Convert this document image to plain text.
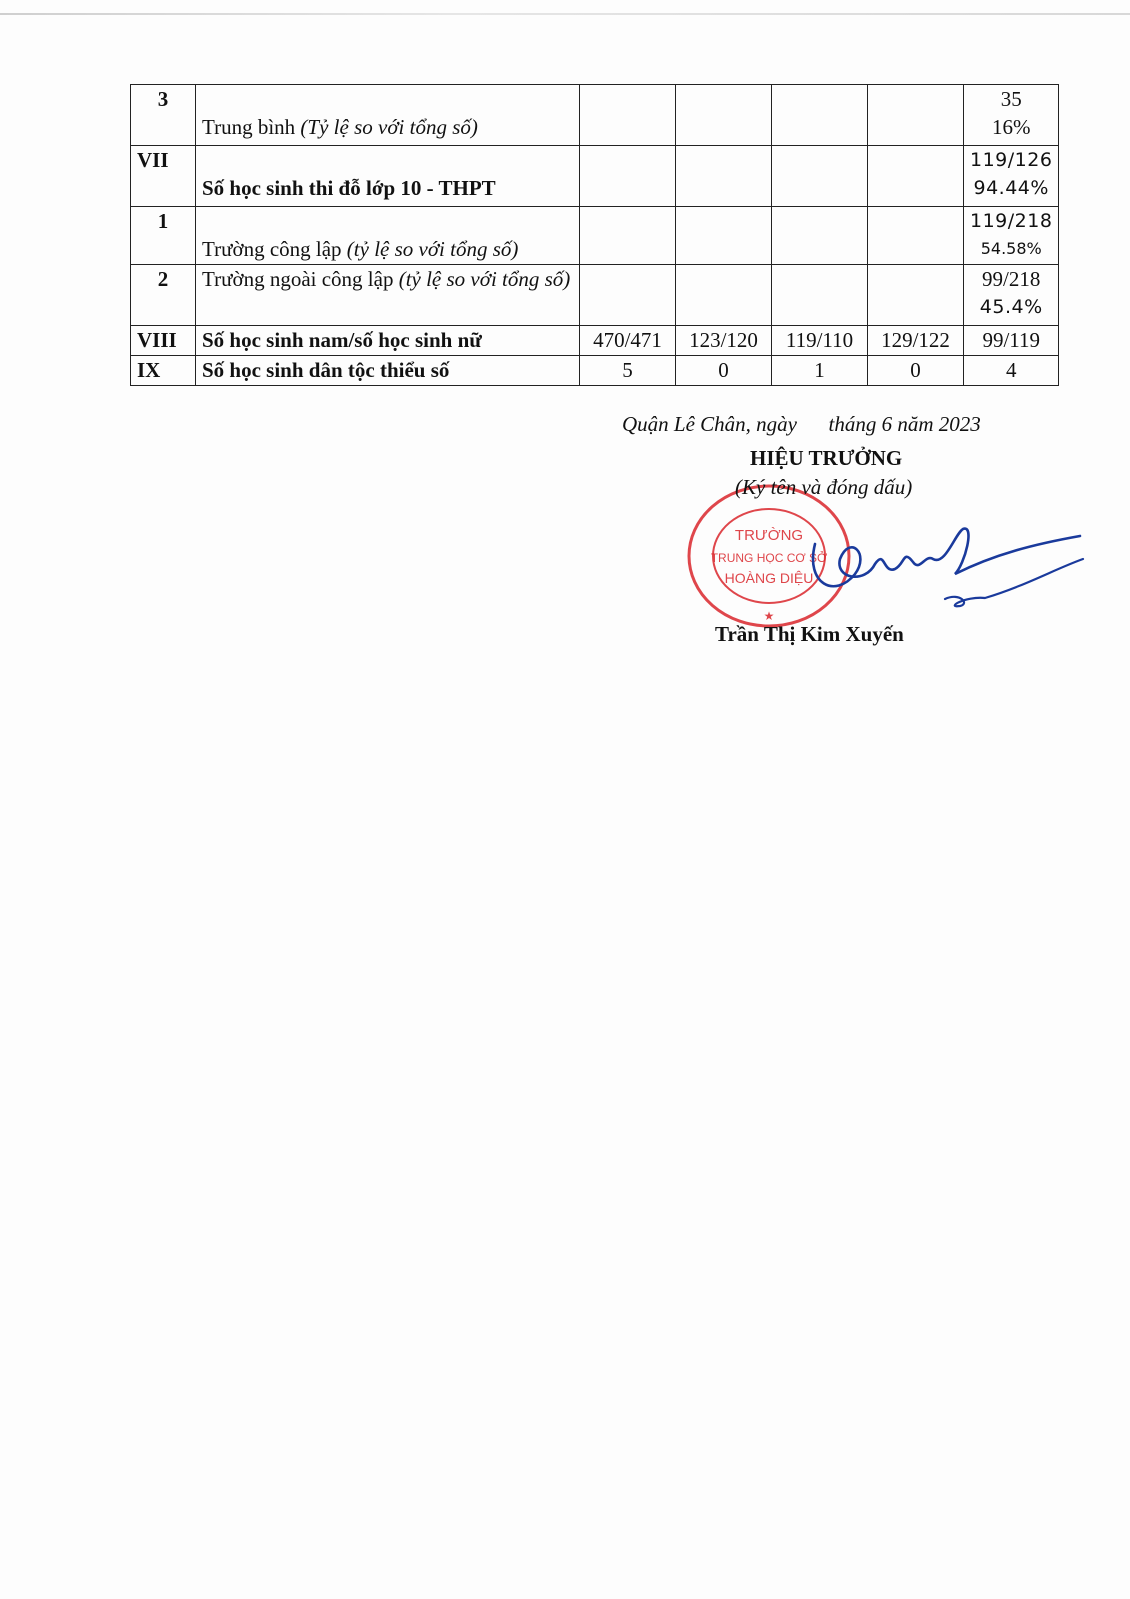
3	Trung bình (Tỷ lệ so với tổng số)					35
16%

VII	Số học sinh thi đỗ lớp 10 - THPT					119/126
94.44%

1	Trường công lập (tỷ lệ so với tổng số)					119/218
54.58%

2	Trường ngoài công lập (tỷ lệ so với tổng số)					99/218
45.4%

VIII	Số học sinh nam/số học sinh nữ	470/471	123/120	119/110	129/122	99/119
IX	Số học sinh dân tộc thiểu số	5	0	1	0	4
Quận Lê Chân, ngày      tháng 6 năm 2023
HIỆU TRƯỞNG
TRƯỜNG
TRUNG HỌC CƠ SỞ
HOÀNG DIỆU
★
(Ký tên và đóng dấu)
Trần Thị Kim Xuyến
